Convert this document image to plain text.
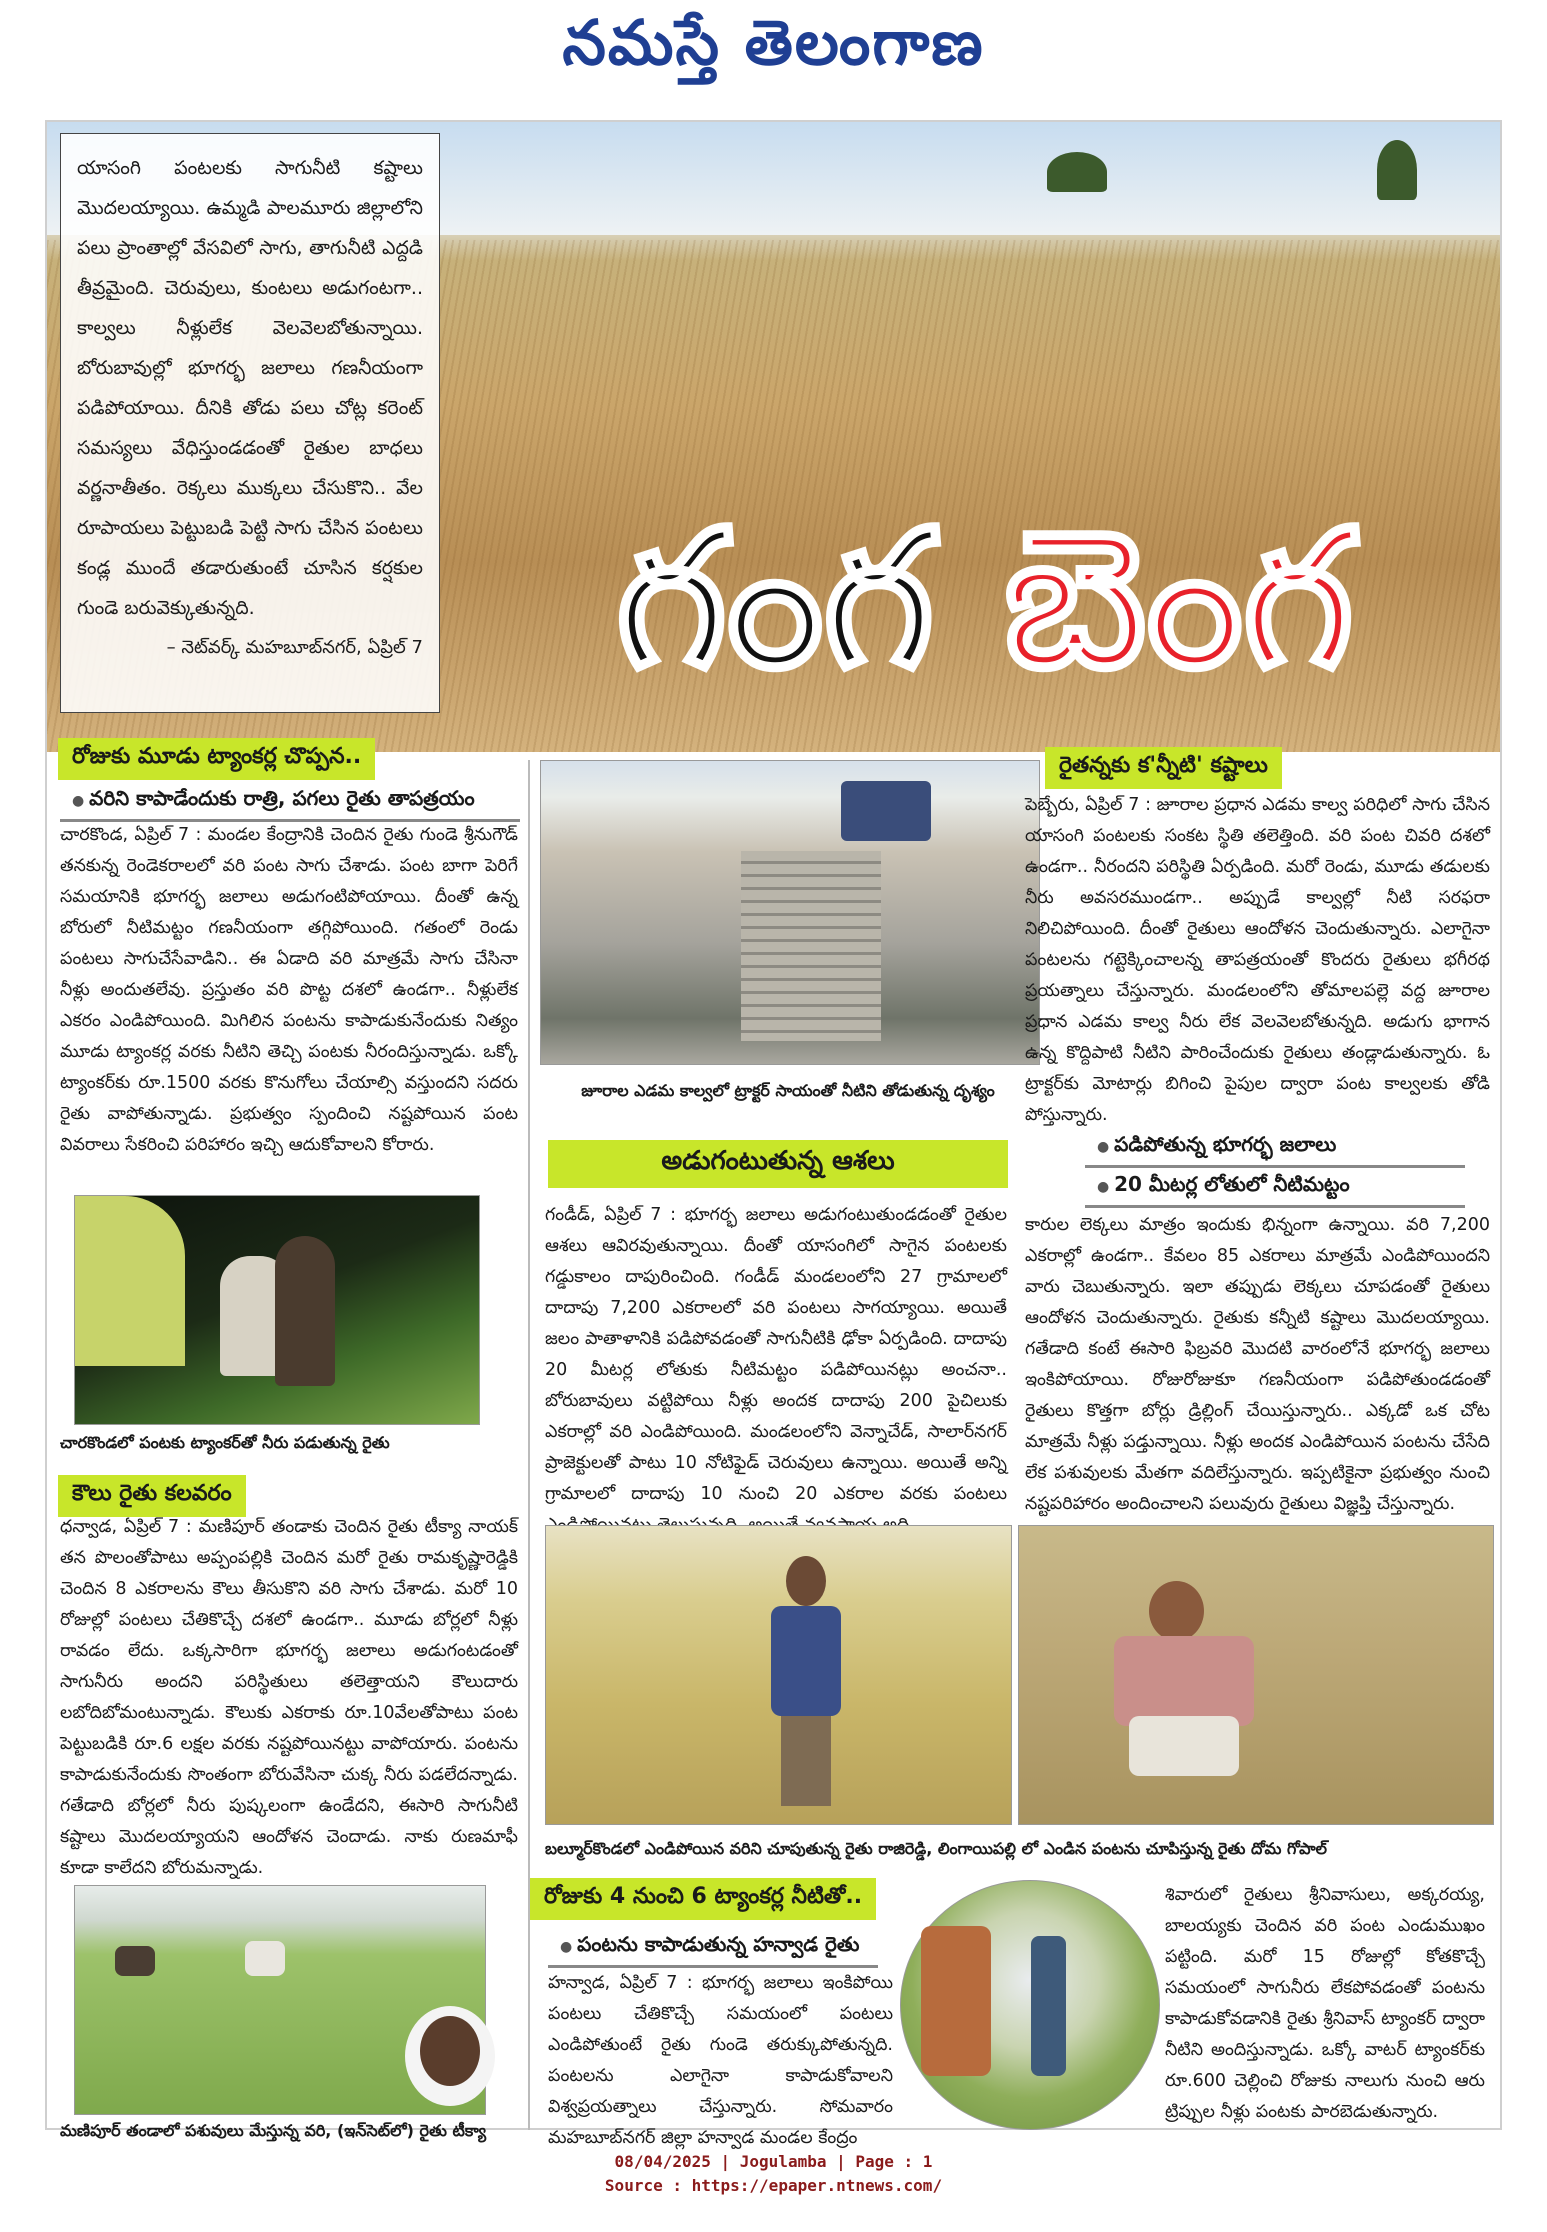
నమస్తే తెలంగాణ

యాసంగి పంటలకు సాగునీటి కష్టాలు మొదలయ్యాయి. ఉమ్మడి పాలమూరు జిల్లాలోని పలు ప్రాంతాల్లో వేసవిలో సాగు, తాగునీటి ఎద్దడి తీవ్రమైంది. చెరువులు, కుంటలు అడుగంటగా.. కాల్వలు నీళ్లులేక వెలవెలబోతున్నాయి. బోరుబావుల్లో భూగర్భ జలాలు గణనీయంగా పడిపోయాయి. దీనికి తోడు పలు చోట్ల కరెంట్ సమస్యలు వేధిస్తుండడంతో రైతుల బాధలు వర్ణనాతీతం. రెక్కలు ముక్కలు చేసుకొని.. వేల రూపాయలు పెట్టుబడి పెట్టి సాగు చేసిన పంటలు కండ్ల ముందే తడారుతుంటే చూసిన కర్షకుల గుండె బరువెక్కుతున్నది.

– నెట్‌వర్క్ మహబూబ్‌నగర్, ఏప్రిల్ 7 గంగ బెంగ
రోజుకు మూడు ట్యాంకర్ల చొప్పన..
● వరిని కాపాడేందుకు రాత్రి, పగలు రైతు తాపత్రయం

చారకొండ, ఏప్రిల్ 7 : మండల కేంద్రానికి చెందిన రైతు గుండె శ్రీనుగౌడ్ తనకున్న రెండెకరాలలో వరి పంట సాగు చేశాడు. పంట బాగా పెరిగే సమయానికి భూగర్భ జలాలు అడుగంటిపోయాయి. దీంతో ఉన్న బోరులో నీటిమట్టం గణనీయంగా తగ్గిపోయింది. గతంలో రెండు పంటలు సాగుచేసేవాడిని.. ఈ ఏడాది వరి మాత్రమే సాగు చేసినా నీళ్లు అందుతలేవు. ప్రస్తుతం వరి పొట్ట దశలో ఉండగా.. నీళ్లులేక ఎకరం ఎండిపోయింది. మిగిలిన పంటను కాపాడుకునేందుకు నిత్యం మూడు ట్యాంకర్ల వరకు నీటిని తెచ్చి పంటకు నీరందిస్తున్నాడు. ఒక్కో ట్యాంకర్‌కు రూ.1500 వరకు కొనుగోలు చేయాల్సి వస్తుందని సదరు రైతు వాపోతున్నాడు. ప్రభుత్వం స్పందించి నష్టపోయిన పంట వివరాలు సేకరించి పరిహారం ఇచ్చి ఆదుకోవాలని కోరారు.

చారకొండలో పంటకు ట్యాంకర్‌తో నీరు పడుతున్న రైతు
కౌలు రైతు కలవరం

ధన్వాడ, ఏప్రిల్ 7 : మణిపూర్ తండాకు చెందిన రైతు టీక్యా నాయక్ తన పొలంతోపాటు అప్పంపల్లికి చెందిన మరో రైతు రామకృష్ణారెడ్డికి చెందిన 8 ఎకరాలను కౌలు తీసుకొని వరి సాగు చేశాడు. మరో 10 రోజుల్లో పంటలు చేతికొచ్చే దశలో ఉండగా.. మూడు బోర్లలో నీళ్లు రావడం లేదు. ఒక్కసారిగా భూగర్భ జలాలు అడుగంటడంతో సాగునీరు అందని పరిస్థితులు తలెత్తాయని కౌలుదారు లబోదిబోమంటున్నాడు. కౌలుకు ఎకరాకు రూ.10వేలతోపాటు పంట పెట్టుబడికి రూ.6 లక్షల వరకు నష్టపోయినట్టు వాపోయారు. పంటను కాపాడుకునేందుకు సొంతంగా బోరువేసినా చుక్క నీరు పడలేదన్నాడు. గతేడాది బోర్లలో నీరు పుష్కలంగా ఉండేదని, ఈసారి సాగునీటి కష్టాలు మొదలయ్యాయని ఆందోళన చెందాడు. నాకు రుణమాఫీ కూడా కాలేదని బోరుమన్నాడు.

మణిపూర్ తండాలో పశువులు మేస్తున్న వరి, (ఇన్‌సెట్‌లో) రైతు టీక్యా
జూరాల ఎడమ కాల్వలో ట్రాక్టర్ సాయంతో నీటిని తోడుతున్న దృశ్యం
అడుగంటుతున్న ఆశలు

గండీడ్, ఏప్రిల్ 7 : భూగర్భ జలాలు అడుగంటుతుండడంతో రైతుల ఆశలు ఆవిరవుతున్నాయి. దీంతో యాసంగిలో సాగైన పంటలకు గడ్డుకాలం దాపురించింది. గండీడ్ మండలంలోని 27 గ్రామాలలో దాదాపు 7,200 ఎకరాలలో వరి పంటలు సాగయ్యాయి. అయితే జలం పాతాళానికి పడిపోవడంతో సాగునీటికి ఢోకా ఏర్పడింది. దాదాపు 20 మీటర్ల లోతుకు నీటిమట్టం పడిపోయినట్లు అంచనా.. బోరుబావులు వట్టిపోయి నీళ్లు అందక దాదాపు 200 పైచిలుకు ఎకరాల్లో వరి ఎండిపోయింది. మండలంలోని వెన్నాచేడ్, సాలార్‌నగర్ ప్రాజెక్టులతో పాటు 10 నోటిఫైడ్ చెరువులు ఉన్నాయి. అయితే అన్ని గ్రామాలలో దాదాపు 10 నుంచి 20 ఎకరాల వరకు పంటలు

రైతన్నకు క'న్నీటి' కష్టాలు

పెబ్బేరు, ఏప్రిల్ 7 : జూరాల ప్రధాన ఎడమ కాల్వ పరిధిలో సాగు చేసిన యాసంగి పంటలకు సంకట స్థితి తలెత్తింది. వరి పంట చివరి దశలో ఉండగా.. నీరందని పరిస్థితి ఏర్పడింది. మరో రెండు, మూడు తడులకు నీరు అవసరముండగా.. అప్పుడే కాల్వల్లో నీటి సరఫరా నిలిచిపోయింది. దీంతో రైతులు ఆందోళన చెందుతున్నారు. ఎలాగైనా పంటలను గట్టెక్కించాలన్న తాపత్రయంతో కొందరు రైతులు భగీరథ ప్రయత్నాలు చేస్తున్నారు. మండలంలోని తోమాలపల్లె వద్ద జూరాల ప్రధాన ఎడమ కాల్వ నీరు లేక వెలవెలబోతున్నది. అడుగు భాగాన ఉన్న కొద్దిపాటి నీటిని పారించేందుకు రైతులు తండ్లాడుతున్నారు. ఓ ట్రాక్టర్‌కు మోటార్లు బిగించి పైపుల ద్వారా పంట కాల్వలకు తోడి పోస్తున్నారు.

● పడిపోతున్న భూగర్భ జలాలు
● 20 మీటర్ల లోతులో నీటిమట్టం

కారుల లెక్కలు మాత్రం ఇందుకు భిన్నంగా ఉన్నాయి. వరి 7,200 ఎకరాల్లో ఉండగా.. కేవలం 85 ఎకరాలు మాత్రమే ఎండిపోయిందని వారు చెబుతున్నారు. ఇలా తప్పుడు లెక్కలు చూపడంతో రైతులు ఆందోళన చెందుతున్నారు. రైతుకు కన్నీటి కష్టాలు మొదలయ్యాయి. గతేడాది కంటే ఈసారి ఫిబ్రవరి మొదటి వారంలోనే భూగర్భ జలాలు ఇంకిపోయాయి. రోజురోజుకూ గణనీయంగా పడిపోతుండడంతో రైతులు కొత్తగా బోర్లు డ్రిల్లింగ్ చేయిస్తున్నారు.. ఎక్కడో ఒక చోట మాత్రమే నీళ్లు పడ్తున్నాయి. నీళ్లు అందక ఎండిపోయిన పంటను చేసేది లేక పశువులకు మేతగా వదిలేస్తున్నారు. ఇప్పటికైనా ప్రభుత్వం నుంచి నష్టపరిహారం అందించాలని పలువురు రైతులు విజ్ఞప్తి చేస్తున్నారు.

బల్మూర్‌కొండలో ఎండిపోయిన వరిని చూపుతున్న రైతు రాజిరెడ్డి, లింగాయిపల్లి లో ఎండిన పంటను చూపిస్తున్న రైతు దోమ గోపాల్
రోజుకు 4 నుంచి 6 ట్యాంకర్ల నీటితో..
● పంటను కాపాడుతున్న హన్వాడ రైతు

హన్వాడ, ఏప్రిల్ 7 : భూగర్భ జలాలు ఇంకిపోయి పంటలు చేతికొచ్చే సమయంలో పంటలు ఎండిపోతుంటే రైతు గుండె తరుక్కుపోతున్నది. పంటలను ఎలాగైనా కాపాడుకోవాలని విశ్వప్రయత్నాలు చేస్తున్నారు. సోమవారం మహబూబ్‌నగర్ జిల్లా హన్వాడ మండల కేంద్రం

శివారులో రైతులు శ్రీనివాసులు, అక్కరయ్య, బాలయ్యకు చెందిన వరి పంట ఎండుముఖం పట్టింది. మరో 15 రోజుల్లో కోతకొచ్చే సమయంలో సాగునీరు లేకపోవడంతో పంటను కాపాడుకోవడానికి రైతు శ్రీనివాస్ ట్యాంకర్ ద్వారా నీటిని అందిస్తున్నాడు. ఒక్కో వాటర్ ట్యాంకర్‌కు రూ.600 చెల్లించి రోజుకు నాలుగు నుంచి ఆరు ట్రిప్పుల నీళ్లు పంటకు పారబెడుతున్నారు.

08/04/2025 | Jogulamba | Page : 1
Source : https://epaper.ntnews.com/
